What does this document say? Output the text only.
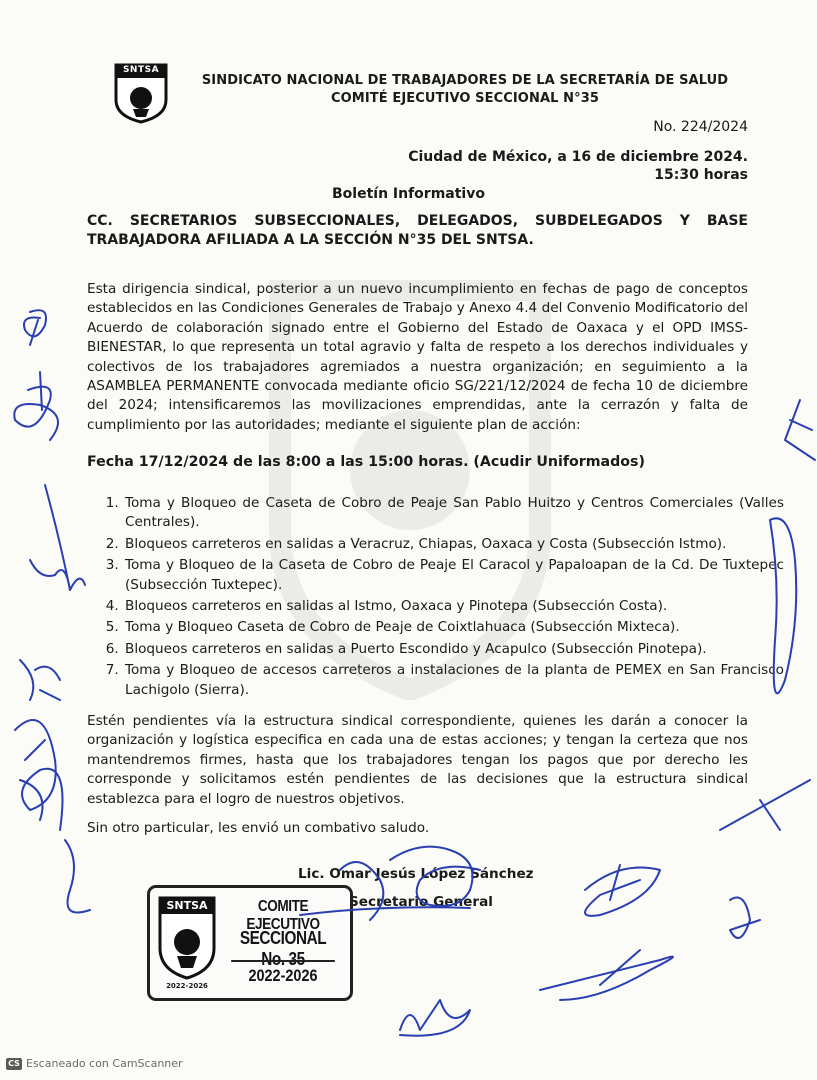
SNTSA
SINDICATO NACIONAL DE TRABAJADORES DE LA SECRETARÍA DE SALUD
COMITÉ EJECUTIVO SECCIONAL N°35
No. 224/2024
Ciudad de México, a 16 de diciembre 2024.
15:30 horas
Boletín Informativo
CC. SECRETARIOS SUBSECCIONALES, DELEGADOS, SUBDELEGADOS Y BASE TRABAJADORA AFILIADA A LA SECCIÓN N°35 DEL SNTSA.
Esta dirigencia sindical, posterior a un nuevo incumplimiento en fechas de pago de conceptos establecidos en las Condiciones Generales de Trabajo y Anexo 4.4 del Convenio Modificatorio del Acuerdo de colaboración signado entre el Gobierno del Estado de Oaxaca y el OPD IMSS-BIENESTAR, lo que representa un total agravio y falta de respeto a los derechos individuales y colectivos de los trabajadores agremiados a nuestra organización; en seguimiento a la ASAMBLEA PERMANENTE convocada mediante oficio SG/221/12/2024 de fecha 10 de diciembre del 2024; intensificaremos las movilizaciones emprendidas, ante la cerrazón y falta de cumplimiento por las autoridades; mediante el siguiente plan de acción:
Fecha 17/12/2024 de las 8:00 a las 15:00 horas. (Acudir Uniformados)
1. Toma y Bloqueo de Caseta de Cobro de Peaje San Pablo Huitzo y Centros Comerciales (Valles Centrales).
2. Bloqueos carreteros en salidas a Veracruz, Chiapas, Oaxaca y Costa (Subsección Istmo).
3. Toma y Bloqueo de la Caseta de Cobro de Peaje El Caracol y Papaloapan de la Cd. De Tuxtepec (Subsección Tuxtepec).
4. Bloqueos carreteros en salidas al Istmo, Oaxaca y Pinotepa (Subsección Costa).
5. Toma y Bloqueo Caseta de Cobro de Peaje de Coixtlahuaca (Subsección Mixteca).
6. Bloqueos carreteros en salidas a Puerto Escondido y Acapulco (Subsección Pinotepa).
7. Toma y Bloqueo de accesos carreteros a instalaciones de la planta de PEMEX en San Francisco Lachigolo (Sierra).
Estén pendientes vía la estructura sindical correspondiente, quienes les darán a conocer la organización y logística especifica en cada una de estas acciones; y tengan la certeza que nos mantendremos firmes, hasta que los trabajadores tengan los pagos que por derecho les corresponde y solicitamos estén pendientes de las decisiones que la estructura sindical establezca para el logro de nuestros objetivos.
Sin otro particular, les envió un combativo saludo.
Lic. Omar Jesús López Sánchez
Secretario General
SNTSA
2022-2026
COMITE EJECUTIVO
SECCIONAL No. 35
2022-2026
CS Escaneado con CamScanner
